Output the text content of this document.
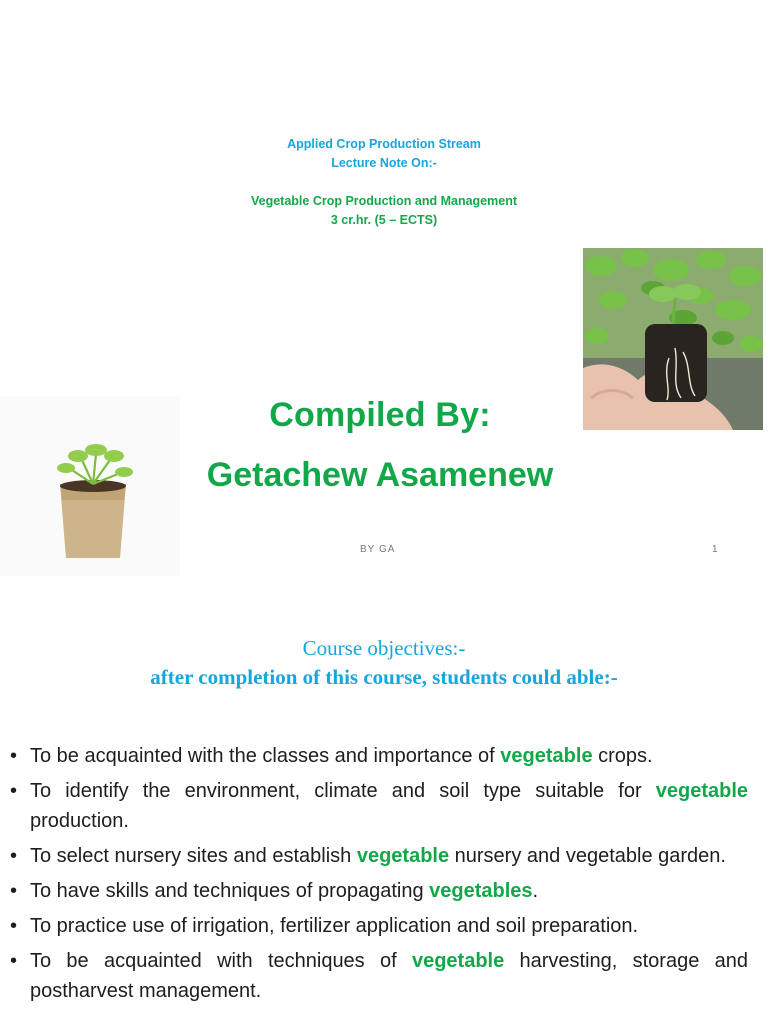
Applied Crop Production Stream
Lecture Note On:-
Vegetable Crop Production and Management
3 cr.hr. (5 – ECTS)
Compiled By:
Getachew Asamenew
BY GA	1
Course objectives:-
after completion of this course, students could able:-
• To be acquainted with the classes and importance of vegetable crops.
• To identify the environment, climate and soil type suitable for vegetable production.
• To select nursery sites and establish vegetable nursery and vegetable garden.
• To have skills and techniques of propagating vegetables.
• To practice use of irrigation, fertilizer application and soil preparation.
• To be acquainted with techniques of vegetable harvesting, storage and postharvest management.
